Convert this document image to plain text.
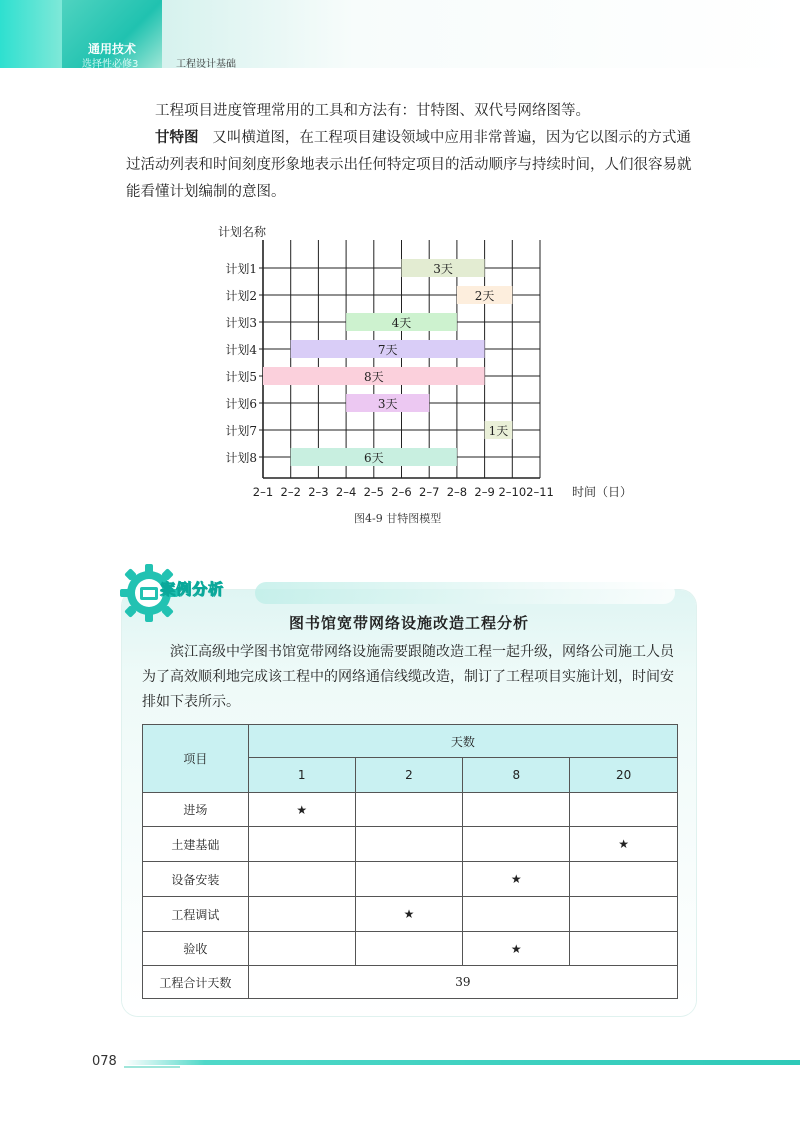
通用技术
选择性必修3	工程设计基础

工程项目进度管理常用的工具和方法有：甘特图、双代号网络图等。

甘特图 又叫横道图，在工程项目建设领域中应用非常普遍，因为它以图示的方式通过活动列表和时间刻度形象地表示出任何特定项目的活动顺序与持续时间，人们很容易就能看懂计划编制的意图。

3天
2天
4天
7天
8天
3天
1天
6天
计划1
计划2
计划3
计划4
计划5
计划6
计划7
计划8
2–1 2–2 2–3 2–4 2–5 2–6 2–7 2–8 2–9 2–10 2–11
计划名称
时间（日）
图4-9 甘特图模型
案例分析
图书馆宽带网络设施改造工程分析

滨江高级中学图书馆宽带网络设施需要跟随改造工程一起升级，网络公司施工人员为了高效顺利地完成该工程中的网络通信线缆改造，制订了工程项目实施计划，时间安排如下表所示。

项目	天数			
	1	2	8	20
进场	★			
土建基础				★
设备安装			★	
工程调试		★		
验收			★	
工程合计天数	39			
078
